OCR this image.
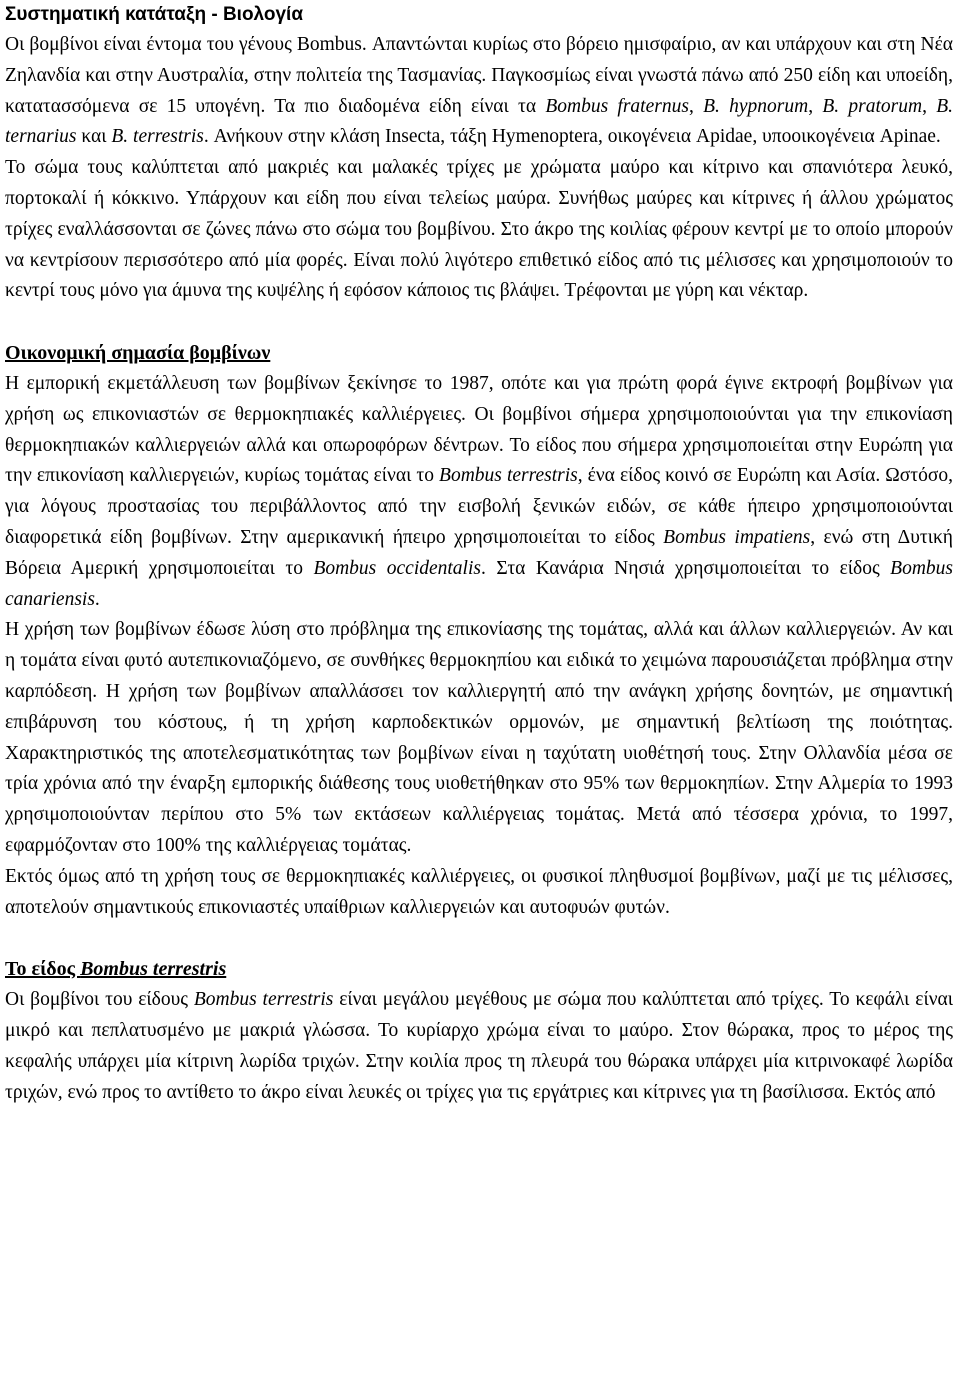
Συστηματική κατάταξη - Βιολογία

Οι βομβίνοι είναι έντομα του γένους Bombus. Απαντώνται κυρίως στο βόρειο ημισφαίριο, αν και υπάρχουν και στη Νέα Ζηλανδία και στην Αυστραλία, στην πολιτεία της Τασμανίας. Παγκοσμίως είναι γνωστά πάνω από 250 είδη και υποείδη, κατατασσόμενα σε 15 υπογένη. Τα πιο διαδομένα είδη είναι τα Bombus fraternus, B. hypnorum, B. pratorum, B. ternarius και B. terrestris. Ανήκουν στην κλάση Insecta, τάξη Hymenoptera, οικογένεια Apidae, υποοικογένεια Apinae.

Το σώμα τους καλύπτεται από μακριές και μαλακές τρίχες με χρώματα μαύρο και κίτρινο και σπανιότερα λευκό, πορτοκαλί ή κόκκινο. Υπάρχουν και είδη που είναι τελείως μαύρα. Συνήθως μαύρες και κίτρινες ή άλλου χρώματος τρίχες εναλλάσσονται σε ζώνες πάνω στο σώμα του βομβίνου. Στο άκρο της κοιλίας φέρουν κεντρί με το οποίο μπορούν να κεντρίσουν περισσότερο από μία φορές. Είναι πολύ λιγότερο επιθετικό είδος από τις μέλισσες και χρησιμοποιούν το κεντρί τους μόνο για άμυνα της κυψέλης ή εφόσον κάποιος τις βλάψει. Τρέφονται με γύρη και νέκταρ.

Οικονομική σημασία βομβίνων

Η εμπορική εκμετάλλευση των βομβίνων ξεκίνησε το 1987, οπότε και για πρώτη φορά έγινε εκτροφή βομβίνων για χρήση ως επικονιαστών σε θερμοκηπιακές καλλιέργειες. Οι βομβίνοι σήμερα χρησιμοποιούνται για την επικονίαση θερμοκηπιακών καλλιεργειών αλλά και οπωροφόρων δέντρων. Το είδος που σήμερα χρησιμοποιείται στην Ευρώπη για την επικονίαση καλλιεργειών, κυρίως τομάτας είναι το Bombus terrestris, ένα είδος κοινό σε Ευρώπη και Ασία. Ωστόσο, για λόγους προστασίας του περιβάλλοντος από την εισβολή ξενικών ειδών, σε κάθε ήπειρο χρησιμοποιούνται διαφορετικά είδη βομβίνων. Στην αμερικανική ήπειρο χρησιμοποιείται το είδος Bombus impatiens, ενώ στη Δυτική Βόρεια Αμερική χρησιμοποιείται το Bombus occidentalis. Στα Κανάρια Νησιά χρησιμοποιείται το είδος Bombus canariensis.

Η χρήση των βομβίνων έδωσε λύση στο πρόβλημα της επικονίασης της τομάτας, αλλά και άλλων καλλιεργειών. Αν και η τομάτα είναι φυτό αυτεπικονιαζόμενο, σε συνθήκες θερμοκηπίου και ειδικά το χειμώνα παρουσιάζεται πρόβλημα στην καρπόδεση. Η χρήση των βομβίνων απαλλάσσει τον καλλιεργητή από την ανάγκη χρήσης δονητών, με σημαντική επιβάρυνση του κόστους, ή τη χρήση καρποδεκτικών ορμονών, με σημαντική βελτίωση της ποιότητας. Χαρακτηριστικός της αποτελεσματικότητας των βομβίνων είναι η ταχύτατη υιοθέτησή τους. Στην Ολλανδία μέσα σε τρία χρόνια από την έναρξη εμπορικής διάθεσης τους υιοθετήθηκαν στο 95% των θερμοκηπίων. Στην Αλμερία το 1993 χρησιμοποιούνταν περίπου στο 5% των εκτάσεων καλλιέργειας τομάτας. Μετά από τέσσερα χρόνια, το 1997, εφαρμόζονταν στο 100% της καλλιέργειας τομάτας.

Εκτός όμως από τη χρήση τους σε θερμοκηπιακές καλλιέργειες, οι φυσικοί πληθυσμοί βομβίνων, μαζί με τις μέλισσες, αποτελούν σημαντικούς επικονιαστές υπαίθριων καλλιεργειών και αυτοφυών φυτών.

Το είδος Bombus terrestris

Οι βομβίνοι του είδους Bombus terrestris είναι μεγάλου μεγέθους με σώμα που καλύπτεται από τρίχες. Το κεφάλι είναι μικρό και πεπλατυσμένο με μακριά γλώσσα. Το κυρίαρχο χρώμα είναι το μαύρο. Στον θώρακα, προς το μέρος της κεφαλής υπάρχει μία κίτρινη λωρίδα τριχών. Στην κοιλία προς τη πλευρά του θώρακα υπάρχει μία κιτρινοκαφέ λωρίδα τριχών, ενώ προς το αντίθετο το άκρο είναι λευκές οι τρίχες για τις εργάτριες και κίτρινες για τη βασίλισσα. Εκτός από
